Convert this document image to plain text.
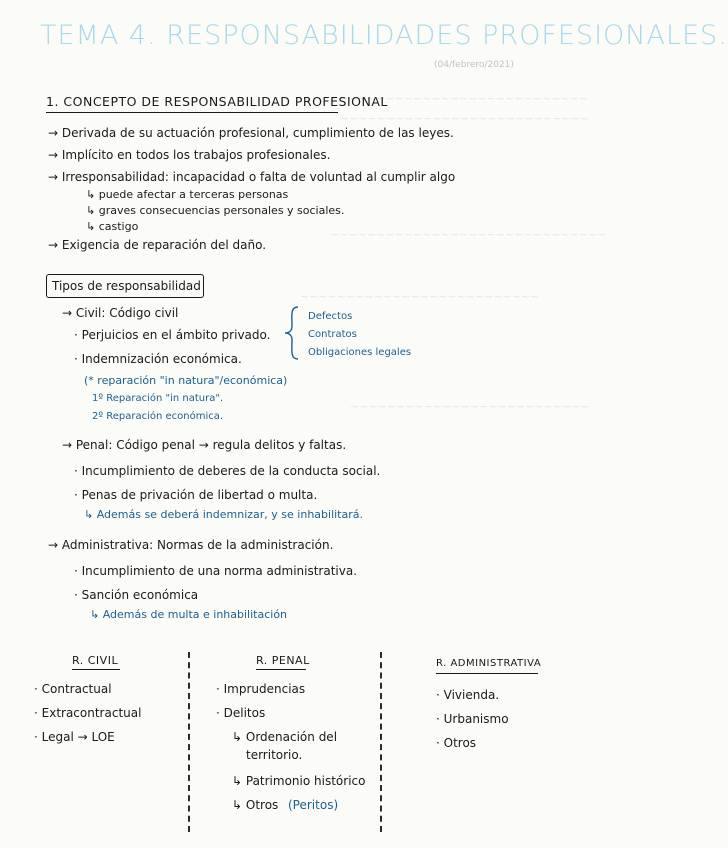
~~~~~~~~~~~~~~~~~~~~~~~~~~~~
~~~~~~~~~~~~~~~~~~~~~~~~~~~
~~~~~~~~~~~~~~~~~~~~~~~~~~~~~~
~~~~~~~~~~~~~~~~~~~~~~~~~~
~~~~~~~~~~~~~~~~~~~~~~~~~~
TEMA 4. RESPONSABILIDADES PROFESIONALES.
(04/febrero/2021)
1. CONCEPTO DE RESPONSABILIDAD PROFESIONAL
→ Derivada de su actuación profesional, cumplimiento de las leyes.
→ Implícito en todos los trabajos profesionales.
→ Irresponsabilidad: incapacidad o falta de voluntad al cumplir algo
↳ puede afectar a terceras personas
↳ graves consecuencias personales y sociales.
↳ castigo
→ Exigencia de reparación del daño.
Tipos de responsabilidad
→ Civil: Código civil
· Perjuicios en el ámbito privado.
· Indemnización económica.
(* reparación "in natura"/económica)
1º Reparación "in natura".
2º Reparación económica.
Defectos
Contratos
Obligaciones legales
→ Penal: Código penal → regula delitos y faltas.
· Incumplimiento de deberes de la conducta social.
· Penas de privación de libertad o multa.
↳ Además se deberá indemnizar, y se inhabilitará.
→ Administrativa: Normas de la administración.
· Incumplimiento de una norma administrativa.
· Sanción económica
↳ Además de multa e inhabilitación
R. CIVIL
· Contractual
· Extracontractual
· Legal → LOE
R. PENAL
· Imprudencias
· Delitos
↳ Ordenación del
territorio.
↳ Patrimonio histórico
↳ Otros (Peritos)
R. ADMINISTRATIVA
· Vivienda.
· Urbanismo
· Otros
